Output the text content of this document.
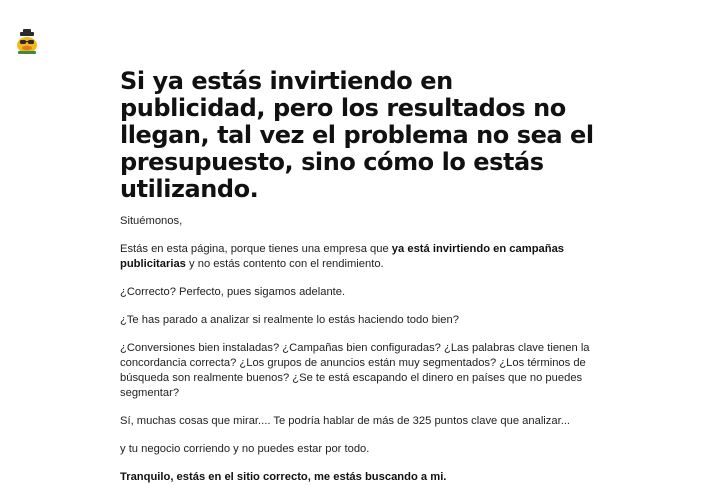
Si ya estás invirtiendo en publicidad, pero los resultados no llegan, tal vez el problema no sea el presupuesto, sino cómo lo estás utilizando.

Situémonos,

Estás en esta página, porque tienes una empresa que ya está invirtiendo en campañas publicitarias y no estás contento con el rendimiento.

¿Correcto? Perfecto, pues sigamos adelante.

¿Te has parado a analizar si realmente lo estás haciendo todo bien?

¿Conversiones bien instaladas? ¿Campañas bien configuradas? ¿Las palabras clave tienen la concordancia correcta? ¿Los grupos de anuncios están muy segmentados? ¿Los términos de búsqueda son realmente buenos? ¿Se te está escapando el dinero en países que no puedes segmentar?

Sí, muchas cosas que mirar.... Te podría hablar de más de 325 puntos clave que analizar...

y tu negocio corriendo y no puedes estar por todo.

Tranquilo, estás en el sitio correcto, me estás buscando a mi.
